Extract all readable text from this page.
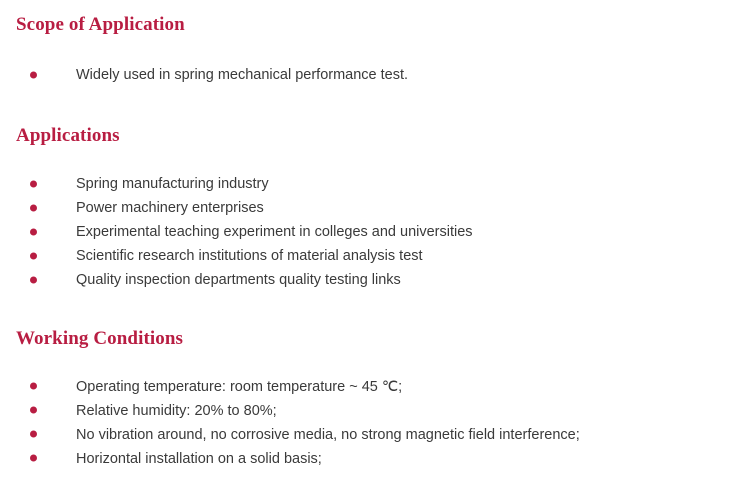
Scope of Application
Widely used in spring mechanical performance test.
Applications
Spring manufacturing industry
Power machinery enterprises
Experimental teaching experiment in colleges and universities
Scientific research institutions of material analysis test
Quality inspection departments quality testing links
Working Conditions
Operating temperature: room temperature ~ 45 ℃;
Relative humidity: 20% to 80%;
No vibration around, no corrosive media, no strong magnetic field interference;
Horizontal installation on a solid basis;
